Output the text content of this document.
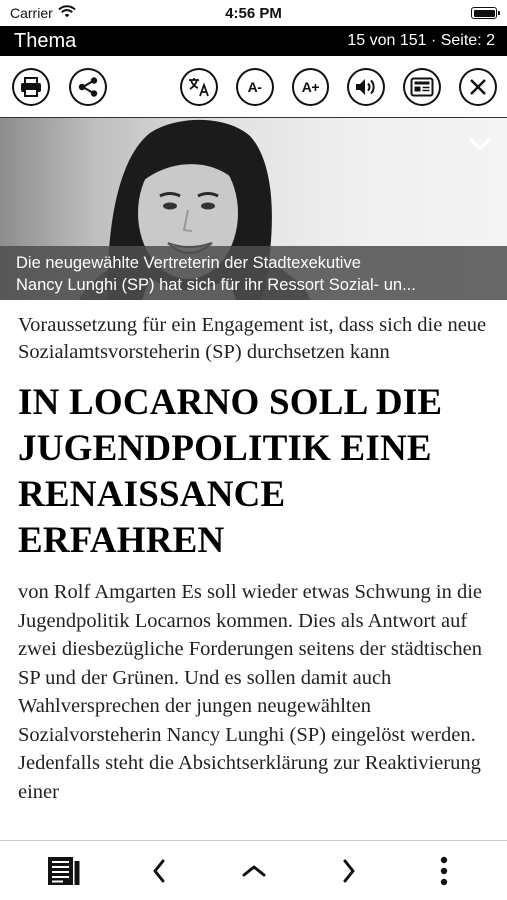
Carrier	4:56 PM
Thema	15 von 151 · Seite: 2
A-	A+
Die neugewählte Vertreterin der Stadtexekutive
Nancy Lunghi (SP) hat sich für ihr Ressort Sozial- un...
Voraussetzung für ein Engagement ist, dass sich die neue Sozialamtsvorsteherin (SP) durchsetzen kann
IN LOCARNO SOLL DIE JUGENDPOLITIK EINE RENAISSANCE ERFAHREN
von Rolf Amgarten Es soll wieder etwas Schwung in die Jugendpolitik Locarnos kommen. Dies als Antwort auf zwei diesbezügliche Forderungen seitens der städtischen SP und der Grünen. Und es sollen damit auch Wahlversprechen der jungen neugewählten Sozialvorsteherin Nancy Lunghi (SP) eingelöst werden. Jedenfalls steht die Absichtserklärung zur Reaktivierung einer
